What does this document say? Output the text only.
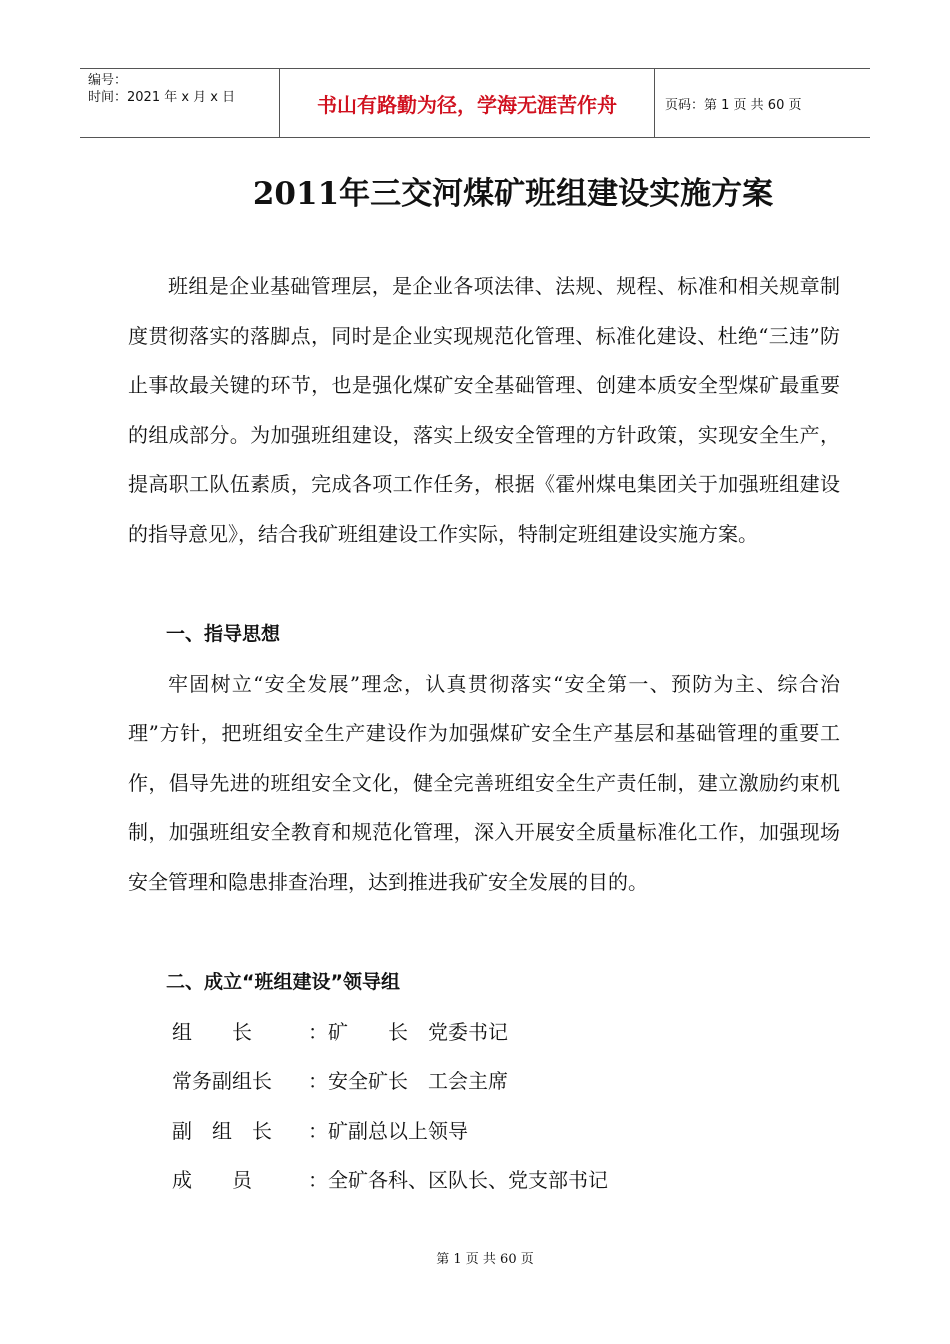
编号：
时间：2021 年 x 月 x 日	书山有路勤为径，学海无涯苦作舟	页码：第 1 页 共 60 页
2011年三交河煤矿班组建设实施方案

班组是企业基础管理层，是企业各项法律、法规、规程、标准和相关规章制度贯彻落实的落脚点，同时是企业实现规范化管理、标准化建设、杜绝“三违”防止事故最关键的环节，也是强化煤矿安全基础管理、创建本质安全型煤矿最重要的组成部分。为加强班组建设，落实上级安全管理的方针政策，实现安全生产，提高职工队伍素质，完成各项工作任务，根据《霍州煤电集团关于加强班组建设的指导意见》，结合我矿班组建设工作实际，特制定班组建设实施方案。

一、指导思想

牢固树立“安全发展”理念，认真贯彻落实“安全第一、预防为主、综合治理”方针，把班组安全生产建设作为加强煤矿安全生产基层和基础管理的重要工作，倡导先进的班组安全文化，健全完善班组安全生产责任制，建立激励约束机制，加强班组安全教育和规范化管理，深入开展安全质量标准化工作，加强现场安全管理和隐患排查治理，达到推进我矿安全发展的目的。

二、成立“班组建设”领导组

组　　长	： 矿　　长　党委书记
常务副组长	： 安全矿长　工会主席
副　组　长	： 矿副总以上领导
成　　员	： 全矿各科、区队长、党支部书记
第 1 页 共 60 页
